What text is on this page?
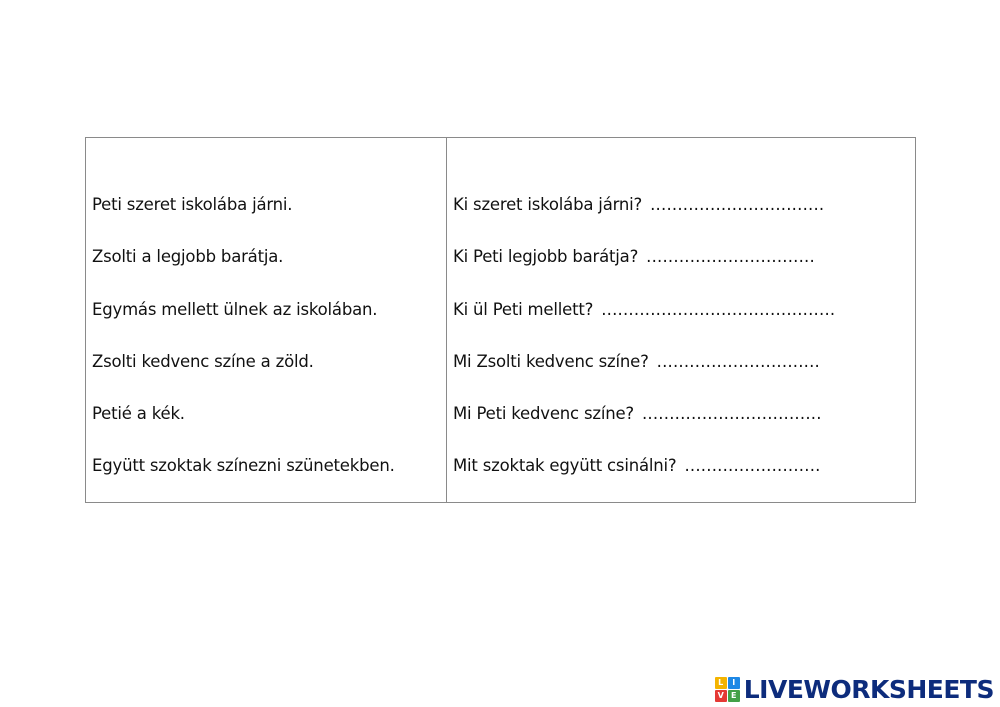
Peti szeret iskolába járni.
Zsolti a legjobb barátja.
Egymás mellett ülnek az iskolában.
Zsolti kedvenc színe a zöld.
Petié a kék.
Együtt szoktak színezni szünetekben.
Ki szeret iskolába járni? ................................
Ki Peti legjobb barátja? ...............................
Ki ül Peti mellett? ...........................................
Mi Zsolti kedvenc színe? ..............................
Mi Peti kedvenc színe? .................................
Mit szoktak együtt csinálni? .........................
L	I
V E LIVEWORKSHEETS
